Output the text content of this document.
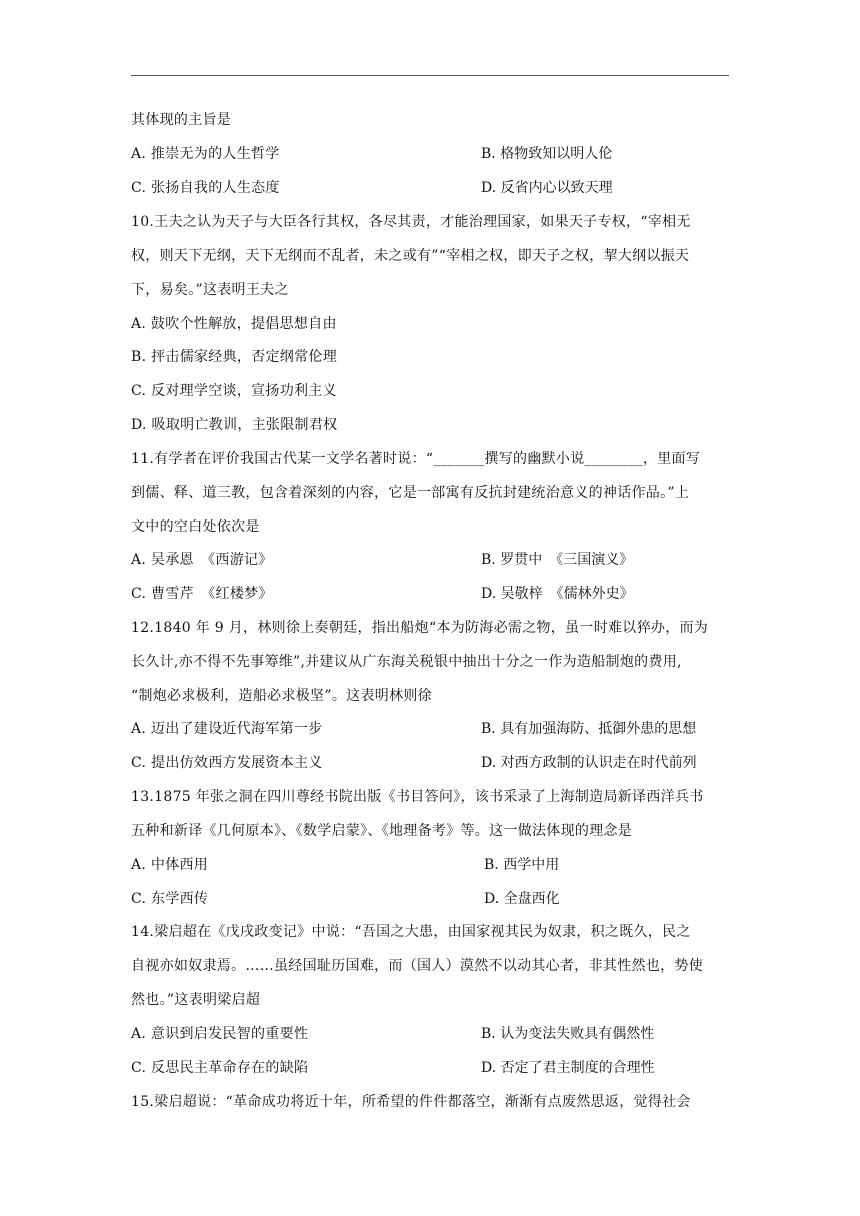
其体现的主旨是
A. 推崇无为的人生哲学	B. 格物致知以明人伦
C. 张扬自我的人生态度	D. 反省内心以致天理
10.王夫之认为天子与大臣各行其权，各尽其责，才能治理国家，如果天子专权，“宰相无
权，则天下无纲，天下无纲而不乱者，未之或有”“宰相之权，即天子之权，挈大纲以振天
下，易矣。”这表明王夫之
A. 鼓吹个性解放，提倡思想自由
B. 抨击儒家经典，否定纲常伦理
C. 反对理学空谈，宣扬功利主义
D. 吸取明亡教训，主张限制君权
11.有学者在评价我国古代某一文学名著时说：“_______撰写的幽默小说________，里面写
到儒、释、道三教，包含着深刻的内容，它是一部寓有反抗封建统治意义的神话作品。”上
文中的空白处依次是
A. 吴承恩　《西游记》	B. 罗贯中　《三国演义》
C. 曹雪芹　《红楼梦》	D. 吴敬梓　《儒林外史》
12.1840 年 9 月，林则徐上奏朝廷，指出船炮“本为防海必需之物，虽一时难以猝办，而为
长久计,亦不得不先事筹维”,并建议从广东海关税银中抽出十分之一作为造船制炮的费用,
“制炮必求极利，造船必求极坚”。这表明林则徐
A. 迈出了建设近代海军第一步	B. 具有加强海防、抵御外患的思想
C. 提出仿效西方发展资本主义	D. 对西方政制的认识走在时代前列
13.1875 年张之洞在四川尊经书院出版《书目答问》，该书采录了上海制造局新译西洋兵书
五种和新译《几何原本》、《数学启蒙》、《地理备考》等。这一做法体现的理念是
A. 中体西用	B. 西学中用
C. 东学西传	D. 全盘西化
14.梁启超在《戊戌政变记》中说：“吾国之大患，由国家视其民为奴隶，积之既久，民之
自视亦如奴隶焉。……虽经国耻历国难，而（国人）漠然不以动其心者，非其性然也，势使
然也。”这表明梁启超
A. 意识到启发民智的重要性	B. 认为变法失败具有偶然性
C. 反思民主革命存在的缺陷	D. 否定了君主制度的合理性
15.梁启超说：“革命成功将近十年，所希望的件件都落空，渐渐有点废然思返，觉得社会
